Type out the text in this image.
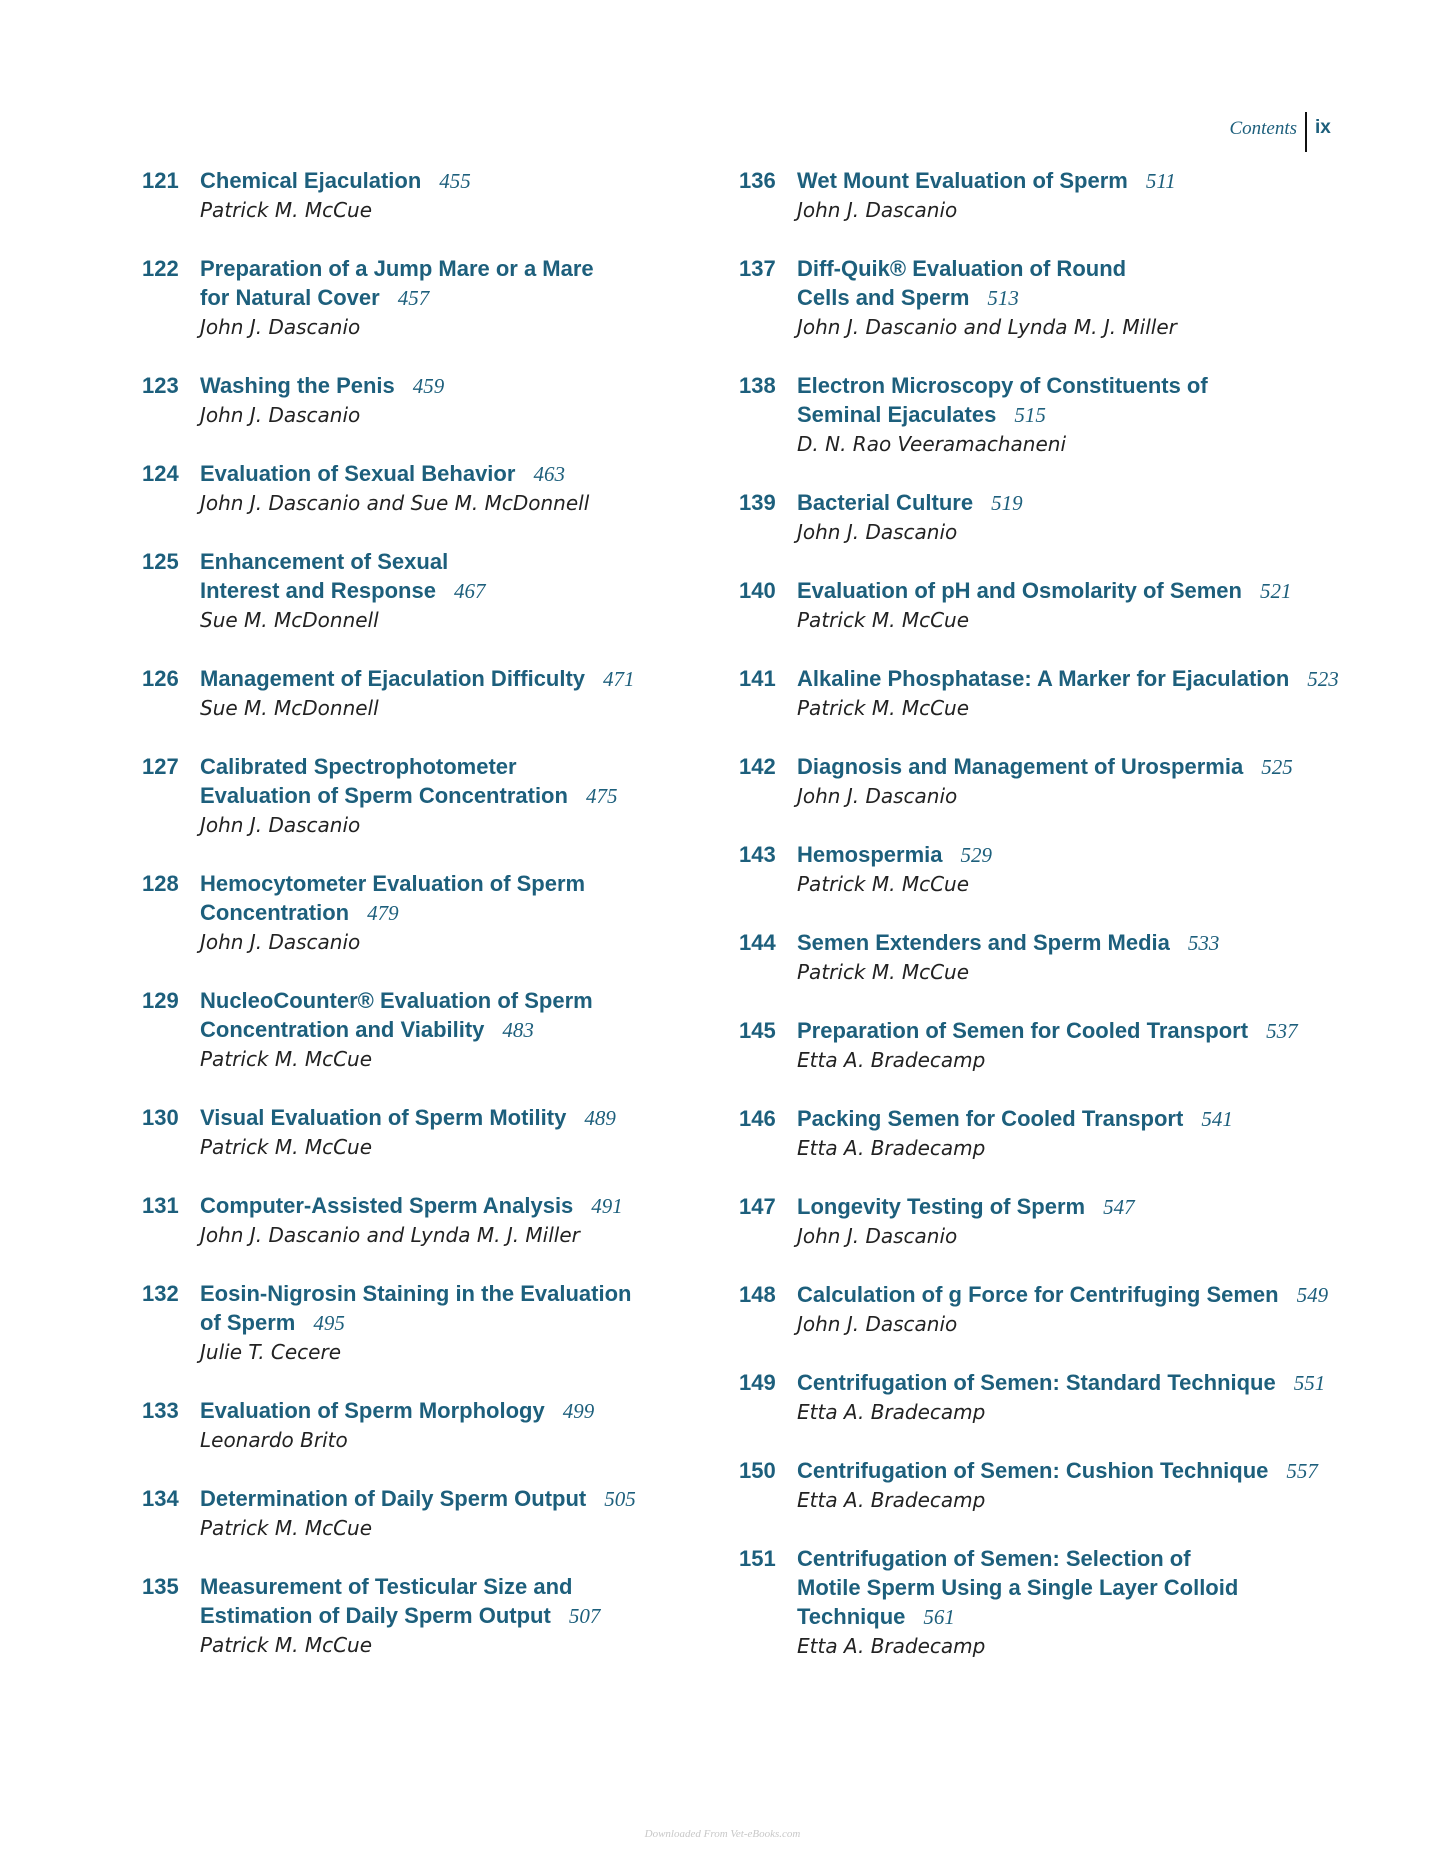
Contents ix
121 Chemical Ejaculation 455
Patrick M. McCue
122 Preparation of a Jump Mare or a Mare for Natural Cover 457
John J. Dascanio
123 Washing the Penis 459
John J. Dascanio
124 Evaluation of Sexual Behavior 463
John J. Dascanio and Sue M. McDonnell
125 Enhancement of Sexual Interest and Response 467
Sue M. McDonnell
126 Management of Ejaculation Difficulty 471
Sue M. McDonnell
127 Calibrated Spectrophotometer Evaluation of Sperm Concentration 475
John J. Dascanio
128 Hemocytometer Evaluation of Sperm Concentration 479
John J. Dascanio
129 NucleoCounter® Evaluation of Sperm Concentration and Viability 483
Patrick M. McCue
130 Visual Evaluation of Sperm Motility 489
Patrick M. McCue
131 Computer-Assisted Sperm Analysis 491
John J. Dascanio and Lynda M. J. Miller
132 Eosin-Nigrosin Staining in the Evaluation of Sperm 495
Julie T. Cecere
133 Evaluation of Sperm Morphology 499
Leonardo Brito
134 Determination of Daily Sperm Output 505
Patrick M. McCue
135 Measurement of Testicular Size and Estimation of Daily Sperm Output 507
Patrick M. McCue
136 Wet Mount Evaluation of Sperm 511
John J. Dascanio
137 Diff-Quik® Evaluation of Round Cells and Sperm 513
John J. Dascanio and Lynda M. J. Miller
138 Electron Microscopy of Constituents of Seminal Ejaculates 515
D. N. Rao Veeramachaneni
139 Bacterial Culture 519
John J. Dascanio
140 Evaluation of pH and Osmolarity of Semen 521
Patrick M. McCue
141 Alkaline Phosphatase: A Marker for Ejaculation 523
Patrick M. McCue
142 Diagnosis and Management of Urospermia 525
John J. Dascanio
143 Hemospermia 529
Patrick M. McCue
144 Semen Extenders and Sperm Media 533
Patrick M. McCue
145 Preparation of Semen for Cooled Transport 537
Etta A. Bradecamp
146 Packing Semen for Cooled Transport 541
Etta A. Bradecamp
147 Longevity Testing of Sperm 547
John J. Dascanio
148 Calculation of g Force for Centrifuging Semen 549
John J. Dascanio
149 Centrifugation of Semen: Standard Technique 551
Etta A. Bradecamp
150 Centrifugation of Semen: Cushion Technique 557
Etta A. Bradecamp
151 Centrifugation of Semen: Selection of Motile Sperm Using a Single Layer Colloid Technique 561
Etta A. Bradecamp
Downloaded From Vet-eBooks.com
